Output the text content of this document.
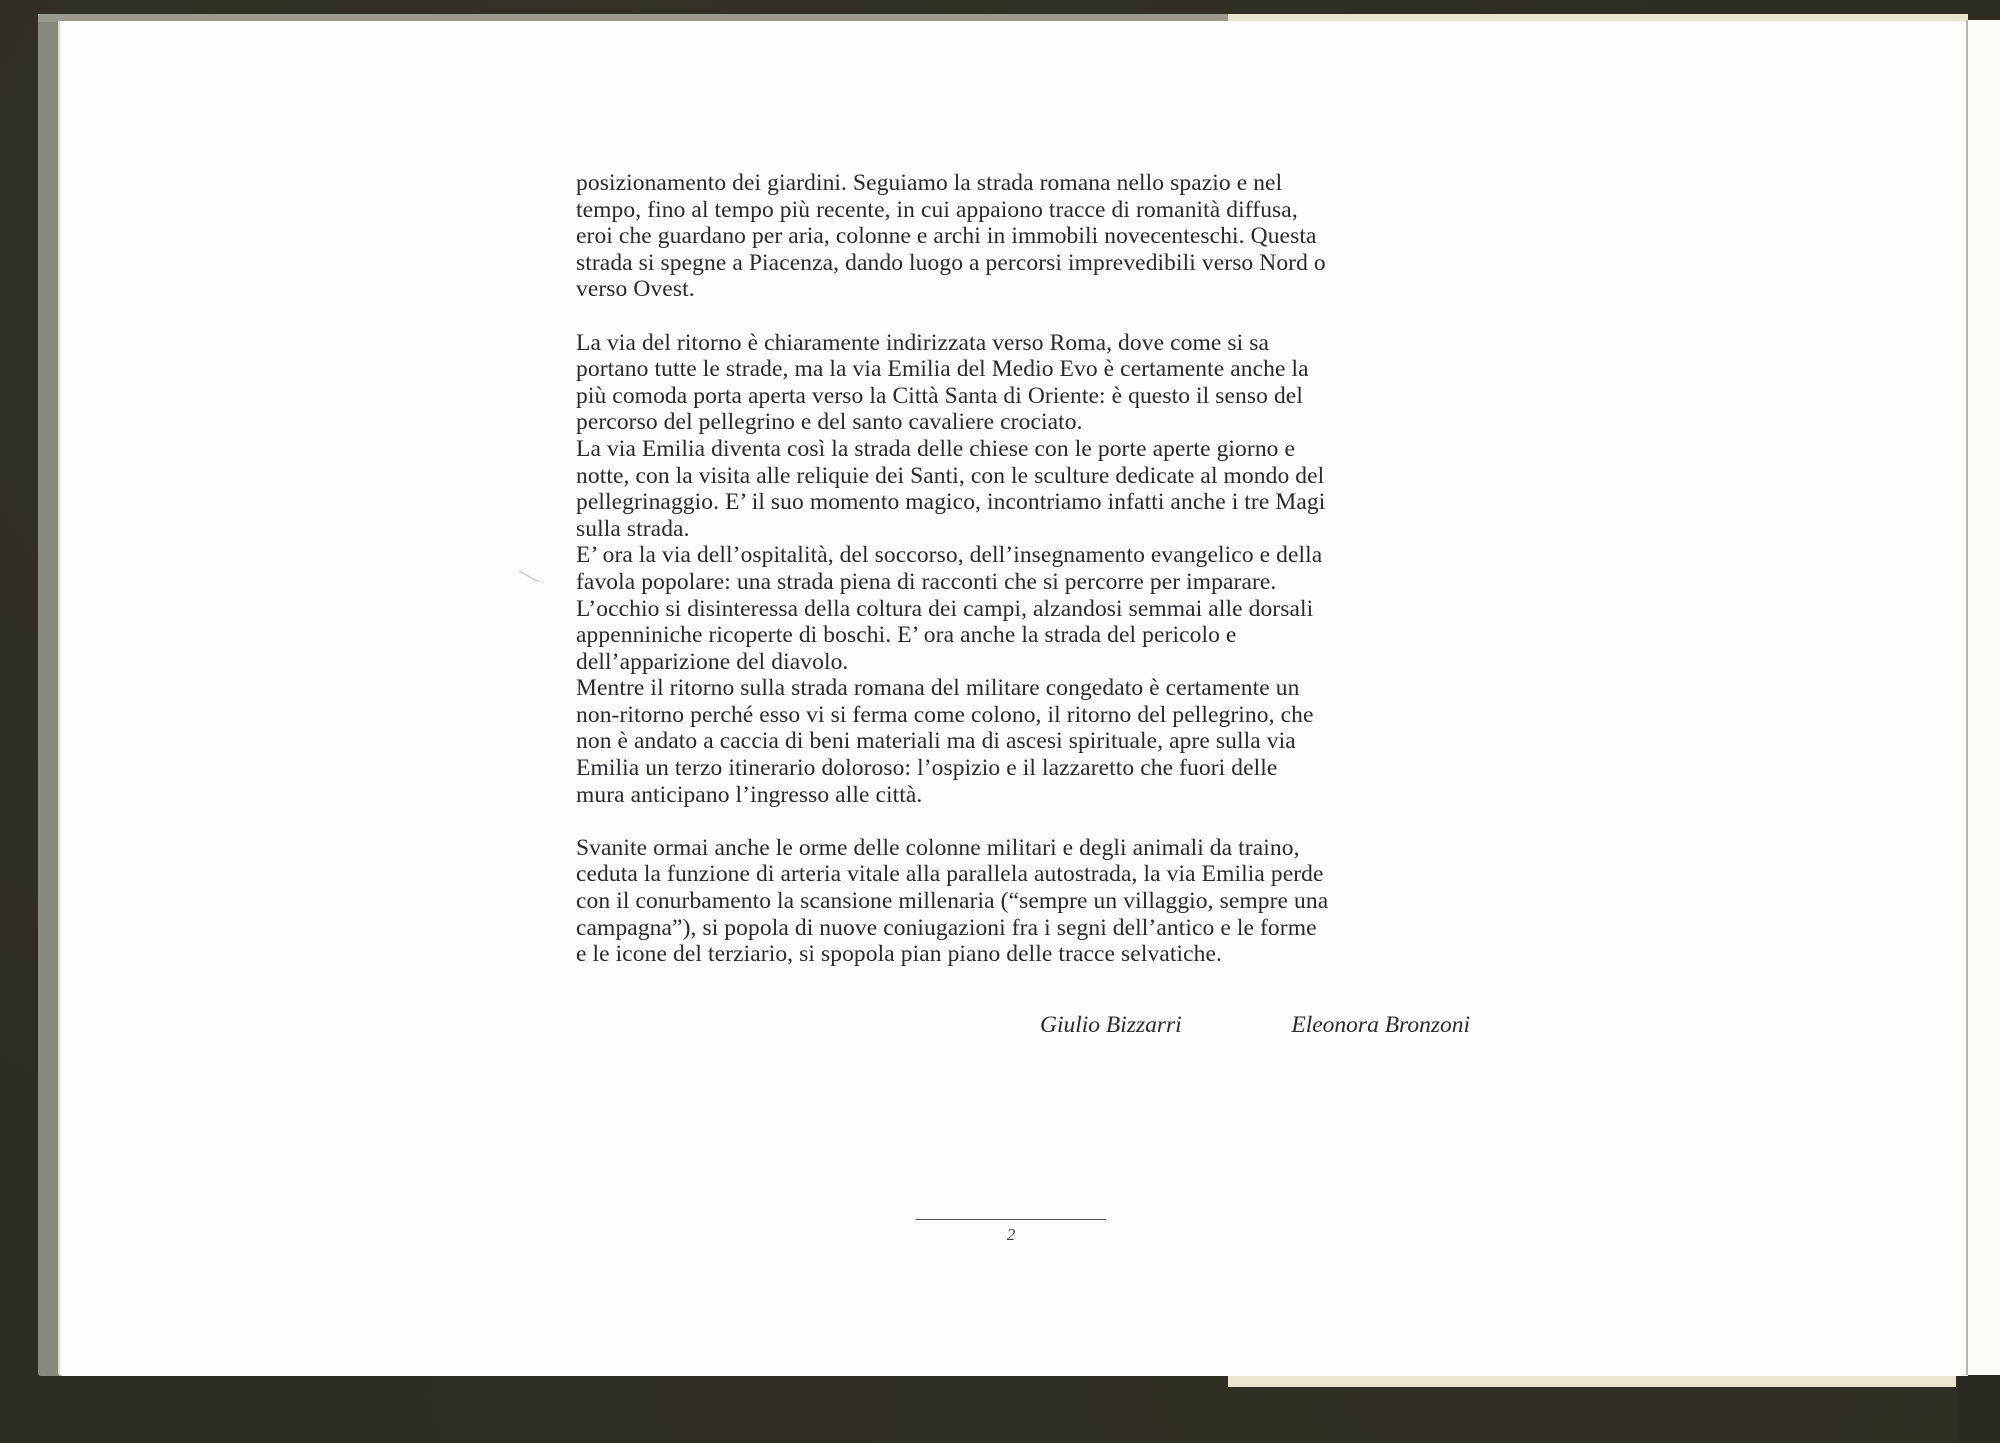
posizionamento dei giardini. Seguiamo la strada romana nello spazio e nel
tempo, fino al tempo più recente, in cui appaiono tracce di romanità diffusa,
eroi che guardano per aria, colonne e archi in immobili novecenteschi. Questa
strada si spegne a Piacenza, dando luogo a percorsi imprevedibili verso Nord o
verso Ovest.

La via del ritorno è chiaramente indirizzata verso Roma, dove come si sa
portano tutte le strade, ma la via Emilia del Medio Evo è certamente anche la
più comoda porta aperta verso la Città Santa di Oriente: è questo il senso del
percorso del pellegrino e del santo cavaliere crociato.

La via Emilia diventa così la strada delle chiese con le porte aperte giorno e
notte, con la visita alle reliquie dei Santi, con le sculture dedicate al mondo del
pellegrinaggio. E’ il suo momento magico, incontriamo infatti anche i tre Magi
sulla strada.

E’ ora la via dell’ospitalità, del soccorso, dell’insegnamento evangelico e della
favola popolare: una strada piena di racconti che si percorre per imparare.
L’occhio si disinteressa della coltura dei campi, alzandosi semmai alle dorsali
appenniniche ricoperte di boschi. E’ ora anche la strada del pericolo e
dell’apparizione del diavolo.

Mentre il ritorno sulla strada romana del militare congedato è certamente un
non-ritorno perché esso vi si ferma come colono, il ritorno del pellegrino, che
non è andato a caccia di beni materiali ma di ascesi spirituale, apre sulla via
Emilia un terzo itinerario doloroso: l’ospizio e il lazzaretto che fuori delle
mura anticipano l’ingresso alle città.

Svanite ormai anche le orme delle colonne militari e degli animali da traino,
ceduta la funzione di arteria vitale alla parallela autostrada, la via Emilia perde
con il conurbamento la scansione millenaria (“sempre un villaggio, sempre una
campagna”), si popola di nuove coniugazioni fra i segni dell’antico e le forme
e le icone del terziario, si spopola pian piano delle tracce selvatiche.

Giulio Bizzarri	Eleonora Bronzoni
2
